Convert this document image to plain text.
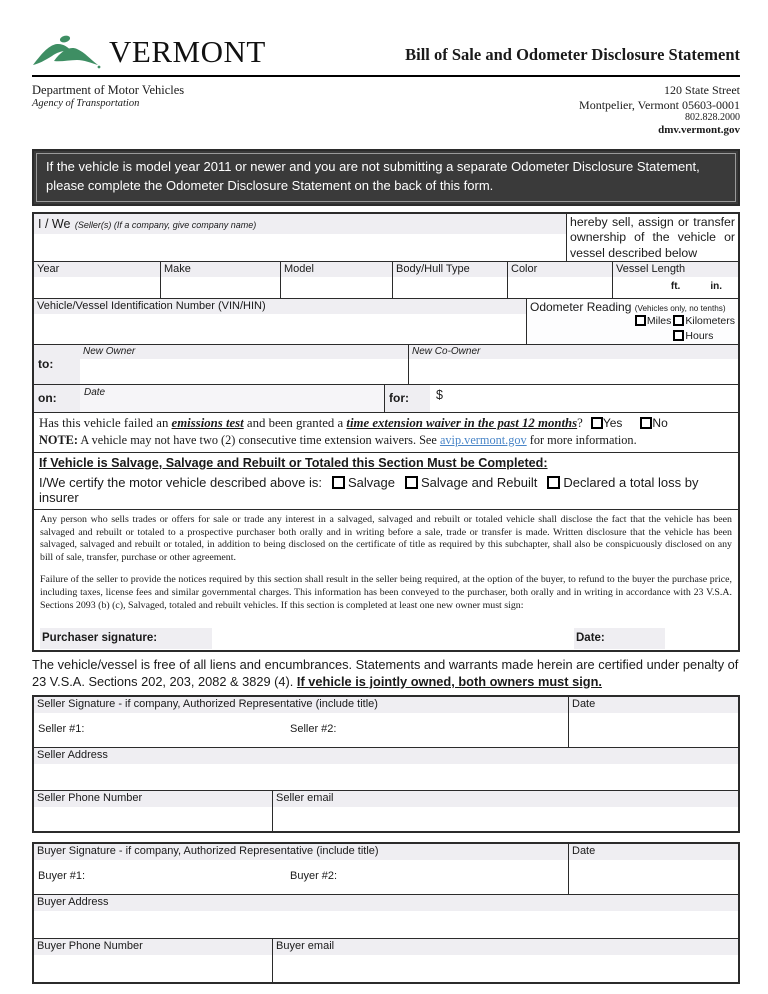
VERMONT	Bill of Sale and Odometer Disclosure Statement
Department of Motor Vehicles
Agency of Transportation
120 State Street
Montpelier, Vermont 05603-0001
802.828.2000
dmv.vermont.gov
If the vehicle is model year 2011 or newer and you are not submitting a separate Odometer Disclosure Statement, please complete the Odometer Disclosure Statement on the back of this form.
I / We (Seller(s) (If a company, give company name)	hereby sell, assign or transfer ownership of the vehicle or vessel described below
Year	Make	Model	Body/Hull Type	Color	Vessel Length
ft.	in.
Vehicle/Vessel Identification Number (VIN/HIN)	Odometer Reading (Vehicles only, no tenths)
Miles	Kilometers
Hours
to:
New Owner	New Co-Owner
on:	Date	for:	$
Has this vehicle failed an emissions test and been granted a time extension waiver in the past 12 months? Yes	No
NOTE: A vehicle may not have two (2) consecutive time extension waivers. See avip.vermont.gov for more information.
If Vehicle is Salvage, Salvage and Rebuilt or Totaled this Section Must be Completed:
I/We certify the motor vehicle described above is: Salvage Salvage and Rebuilt Declared a total loss by insurer

Any person who sells trades or offers for sale or trade any interest in a salvaged, salvaged and rebuilt or totaled vehicle shall disclose the fact that the vehicle has been salvaged and rebuilt or totaled to a prospective purchaser both orally and in writing before a sale, trade or transfer is made. Written disclosure that the vehicle has been salvaged, salvaged and rebuilt or totaled, in addition to being disclosed on the certificate of title as required by this subchapter, shall also be conspicuously disclosed on any bill of sale, transfer, purchase or other agreement.

Failure of the seller to provide the notices required by this section shall result in the seller being required, at the option of the buyer, to refund to the buyer the purchase price, including taxes, license fees and similar governmental charges. This information has been conveyed to the purchaser, both orally and in writing in accordance with 23 V.S.A. Sections 2093 (b) (c), Salvaged, totaled and rebuilt vehicles. If this section is completed at least one new owner must sign:

Purchaser signature:	Date:
The vehicle/vessel is free of all liens and encumbrances. Statements and warrants made herein are certified under penalty of 23 V.S.A. Sections 202, 203, 2082 & 3829 (4). If vehicle is jointly owned, both owners must sign.
Seller Signature - if company, Authorized Representative (include title)
Seller #1:	Seller #2:
Date
Seller Address
Seller Phone Number	Seller email
Buyer Signature - if company, Authorized Representative (include title)
Buyer #1:	Buyer #2:
Date
Buyer Address
Buyer Phone Number	Buyer email
